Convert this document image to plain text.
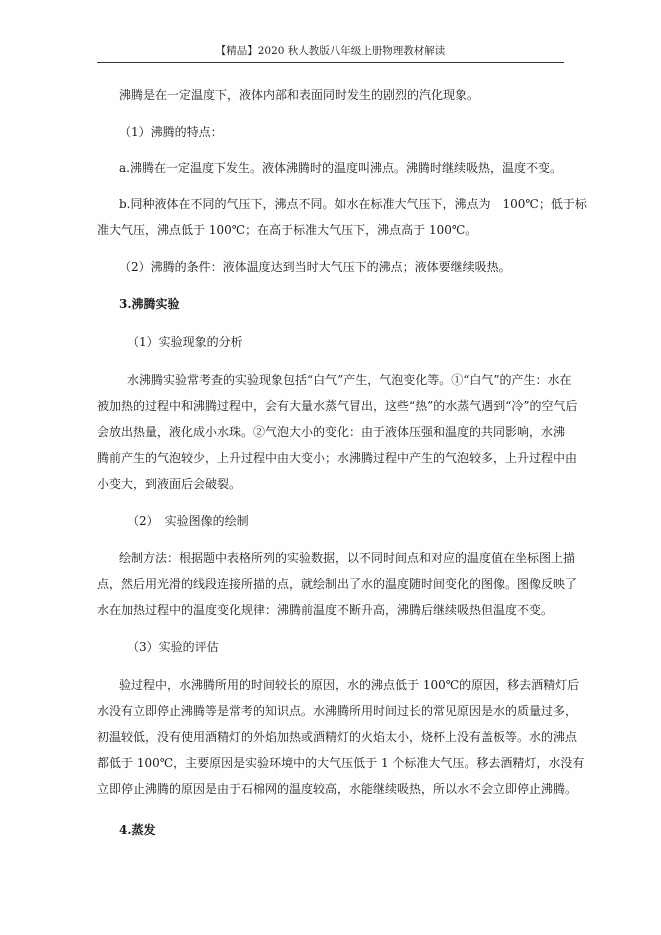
【精品】2020 秋人教版八年级上册物理教材解读

沸腾是在一定温度下，液体内部和表面同时发生的剧烈的汽化现象。

（1）沸腾的特点：

a.沸腾在一定温度下发生。液体沸腾时的温度叫沸点。沸腾时继续吸热，温度不变。

b.同种液体在不同的气压下，沸点不同。如水在标准大气压下，沸点为　100℃；低于标

准大气压，沸点低于 100℃；在高于标准大气压下，沸点高于 100℃。

（2）沸腾的条件：液体温度达到当时大气压下的沸点；液体要继续吸热。

3.沸腾实验

（1）实验现象的分析

水沸腾实验常考查的实验现象包括“白气”产生，气泡变化等。①“白气”的产生：水在

被加热的过程中和沸腾过程中，会有大量水蒸气冒出，这些“热”的水蒸气遇到“冷”的空气后

会放出热量，液化成小水珠。②气泡大小的变化：由于液体压强和温度的共同影响，水沸

腾前产生的气泡较少，上升过程中由大变小；水沸腾过程中产生的气泡较多，上升过程中由

小变大，到液面后会破裂。

（2）　实验图像的绘制

绘制方法：根据题中表格所列的实验数据，以不同时间点和对应的温度值在坐标图上描

点，然后用光滑的线段连接所描的点，就绘制出了水的温度随时间变化的图像。图像反映了

水在加热过程中的温度变化规律：沸腾前温度不断升高，沸腾后继续吸热但温度不变。

（3）实验的评估

验过程中，水沸腾所用的时间较长的原因，水的沸点低于 100℃的原因，移去酒精灯后

水没有立即停止沸腾等是常考的知识点。水沸腾所用时间过长的常见原因是水的质量过多，

初温较低，没有使用酒精灯的外焰加热或酒精灯的火焰太小，烧杯上没有盖板等。水的沸点

都低于 100℃，主要原因是实验环境中的大气压低于 1 个标准大气压。移去酒精灯，水没有

立即停止沸腾的原因是由于石棉网的温度较高，水能继续吸热，所以水不会立即停止沸腾。

4.蒸发
